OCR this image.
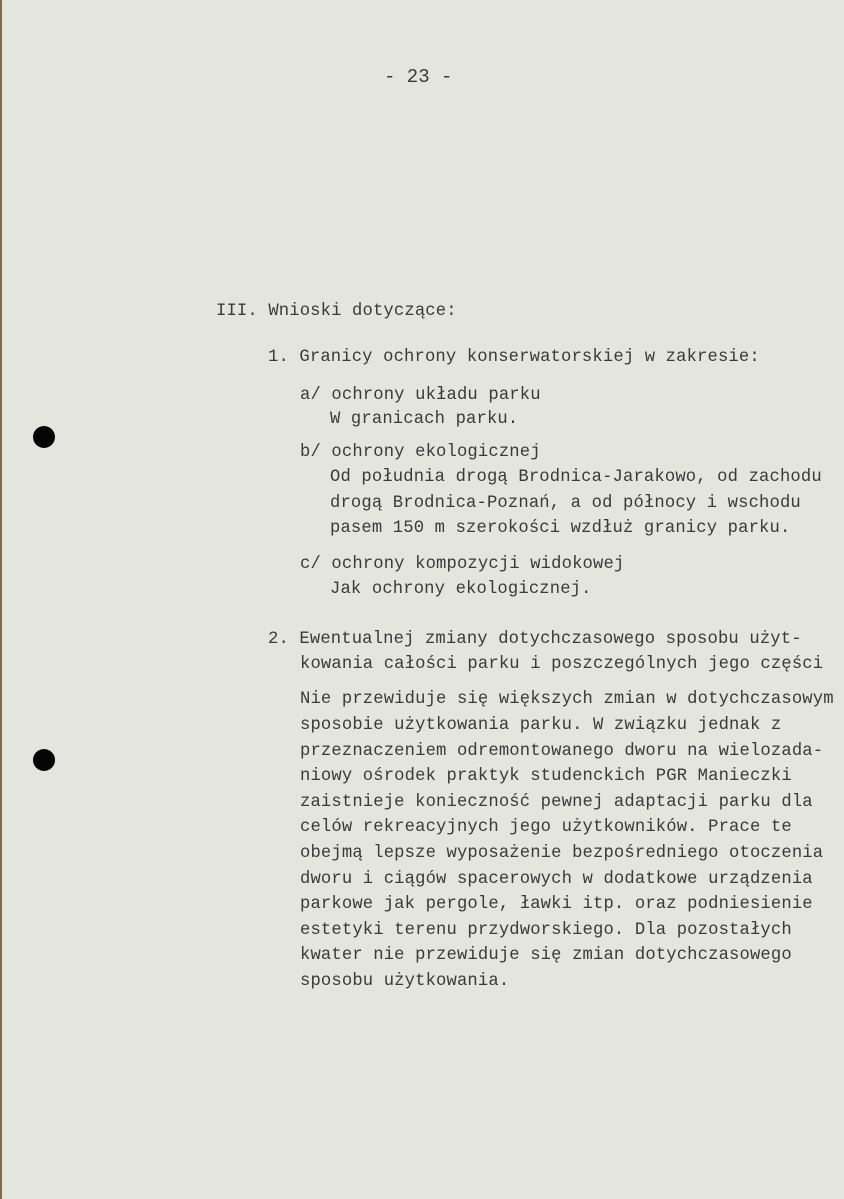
- 23 -
III. Wnioski dotyczące:
1. Granicy ochrony konserwatorskiej w zakresie:
a/ ochrony układu parku
W granicach parku.
b/ ochrony ekologicznej
Od południa drogą Brodnica-Jarakowo, od zachodu
drogą Brodnica-Poznań, a od północy i wschodu
pasem 150 m szerokości wzdłuż granicy parku.
c/ ochrony kompozycji widokowej
Jak ochrony ekologicznej.
2. Ewentualnej zmiany dotychczasowego sposobu użyt-
kowania całości parku i poszczególnych jego części
Nie przewiduje się większych zmian w dotychczasowym
sposobie użytkowania parku. W związku jednak z
przeznaczeniem odremontowanego dworu na wielozada-
niowy ośrodek praktyk studenckich PGR Manieczki
zaistnieje konieczność pewnej adaptacji parku dla
celów rekreacyjnych jego użytkowników. Prace te
obejmą lepsze wyposażenie bezpośredniego otoczenia
dworu i ciągów spacerowych w dodatkowe urządzenia
parkowe jak pergole, ławki itp. oraz podniesienie
estetyki terenu przydworskiego. Dla pozostałych
kwater nie przewiduje się zmian dotychczasowego
sposobu użytkowania.
